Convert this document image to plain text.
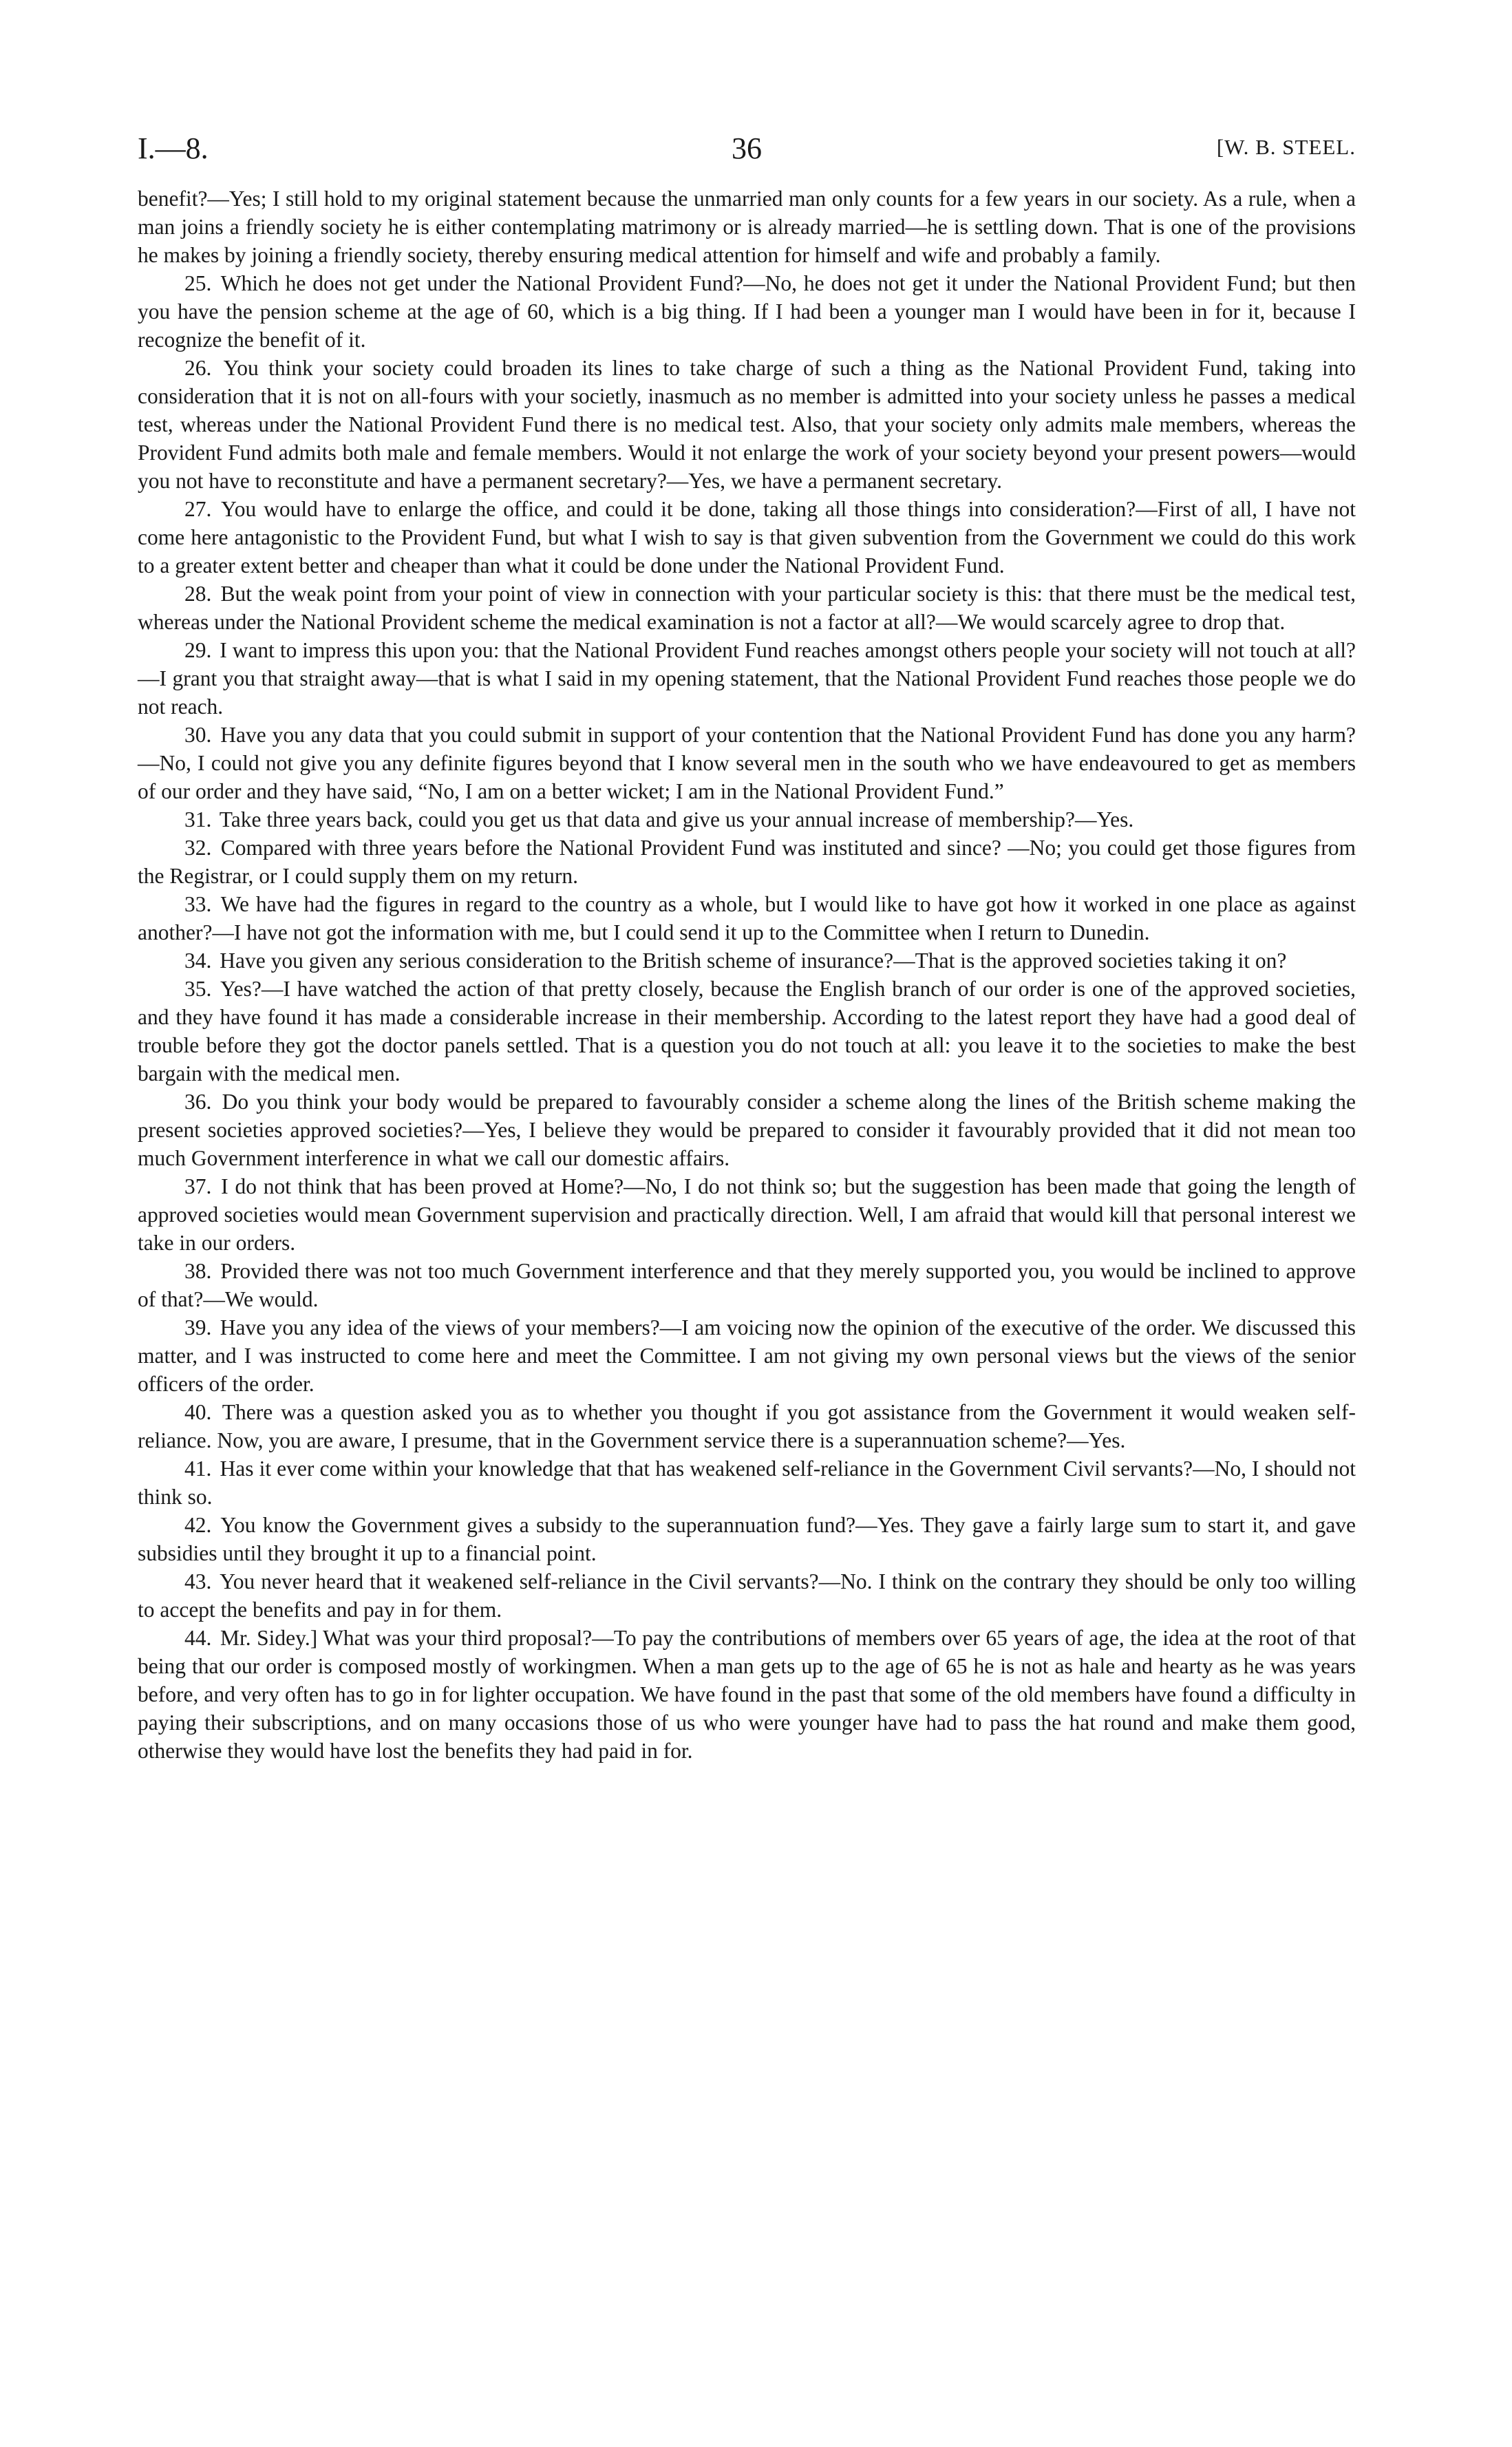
I.—8.	36	[W. B. STEEL.

benefit?—Yes; I still hold to my original statement because the unmarried man only counts for a few years in our society. As a rule, when a man joins a friendly society he is either contemplating matrimony or is already married—he is settling down. That is one of the provisions he makes by joining a friendly society, thereby ensuring medical attention for himself and wife and probably a family.

25. Which he does not get under the National Provident Fund?—No, he does not get it under the National Provident Fund; but then you have the pension scheme at the age of 60, which is a big thing. If I had been a younger man I would have been in for it, because I recognize the benefit of it.

26. You think your society could broaden its lines to take charge of such a thing as the National Provident Fund, taking into consideration that it is not on all-fours with your societly, inasmuch as no member is admitted into your society unless he passes a medical test, whereas under the National Provident Fund there is no medical test. Also, that your society only admits male members, whereas the Provident Fund admits both male and female members. Would it not enlarge the work of your society beyond your present powers—would you not have to reconstitute and have a permanent secretary?—Yes, we have a permanent secretary.

27. You would have to enlarge the office, and could it be done, taking all those things into consideration?—First of all, I have not come here antagonistic to the Provident Fund, but what I wish to say is that given subvention from the Government we could do this work to a greater extent better and cheaper than what it could be done under the National Provident Fund.

28. But the weak point from your point of view in connection with your particular society is this: that there must be the medical test, whereas under the National Provident scheme the medical examination is not a factor at all?—We would scarcely agree to drop that.

29. I want to impress this upon you: that the National Provident Fund reaches amongst others people your society will not touch at all?—I grant you that straight away—that is what I said in my opening statement, that the National Provident Fund reaches those people we do not reach.

30. Have you any data that you could submit in support of your contention that the National Provident Fund has done you any harm?—No, I could not give you any definite figures beyond that I know several men in the south who we have endeavoured to get as members of our order and they have said, “No, I am on a better wicket; I am in the National Provident Fund.”

31. Take three years back, could you get us that data and give us your annual increase of membership?—Yes.

32. Compared with three years before the National Provident Fund was instituted and since? —No; you could get those figures from the Registrar, or I could supply them on my return.

33. We have had the figures in regard to the country as a whole, but I would like to have got how it worked in one place as against another?—I have not got the information with me, but I could send it up to the Committee when I return to Dunedin.

34. Have you given any serious consideration to the British scheme of insurance?—That is the approved societies taking it on?

35. Yes?—I have watched the action of that pretty closely, because the English branch of our order is one of the approved societies, and they have found it has made a considerable increase in their membership. According to the latest report they have had a good deal of trouble before they got the doctor panels settled. That is a question you do not touch at all: you leave it to the societies to make the best bargain with the medical men.

36. Do you think your body would be prepared to favourably consider a scheme along the lines of the British scheme making the present societies approved societies?—Yes, I believe they would be prepared to consider it favourably provided that it did not mean too much Government interference in what we call our domestic affairs.

37. I do not think that has been proved at Home?—No, I do not think so; but the suggestion has been made that going the length of approved societies would mean Government supervision and practically direction. Well, I am afraid that would kill that personal interest we take in our orders.

38. Provided there was not too much Government interference and that they merely supported you, you would be inclined to approve of that?—We would.

39. Have you any idea of the views of your members?—I am voicing now the opinion of the executive of the order. We discussed this matter, and I was instructed to come here and meet the Committee. I am not giving my own personal views but the views of the senior officers of the order.

40. There was a question asked you as to whether you thought if you got assistance from the Government it would weaken self-reliance. Now, you are aware, I presume, that in the Government service there is a superannuation scheme?—Yes.

41. Has it ever come within your knowledge that that has weakened self-reliance in the Government Civil servants?—No, I should not think so.

42. You know the Government gives a subsidy to the superannuation fund?—Yes. They gave a fairly large sum to start it, and gave subsidies until they brought it up to a financial point.

43. You never heard that it weakened self-reliance in the Civil servants?—No. I think on the contrary they should be only too willing to accept the benefits and pay in for them.

44. Mr. Sidey.] What was your third proposal?—To pay the contributions of members over 65 years of age, the idea at the root of that being that our order is composed mostly of workingmen. When a man gets up to the age of 65 he is not as hale and hearty as he was years before, and very often has to go in for lighter occupation. We have found in the past that some of the old members have found a difficulty in paying their subscriptions, and on many occasions those of us who were younger have had to pass the hat round and make them good, otherwise they would have lost the benefits they had paid in for.
